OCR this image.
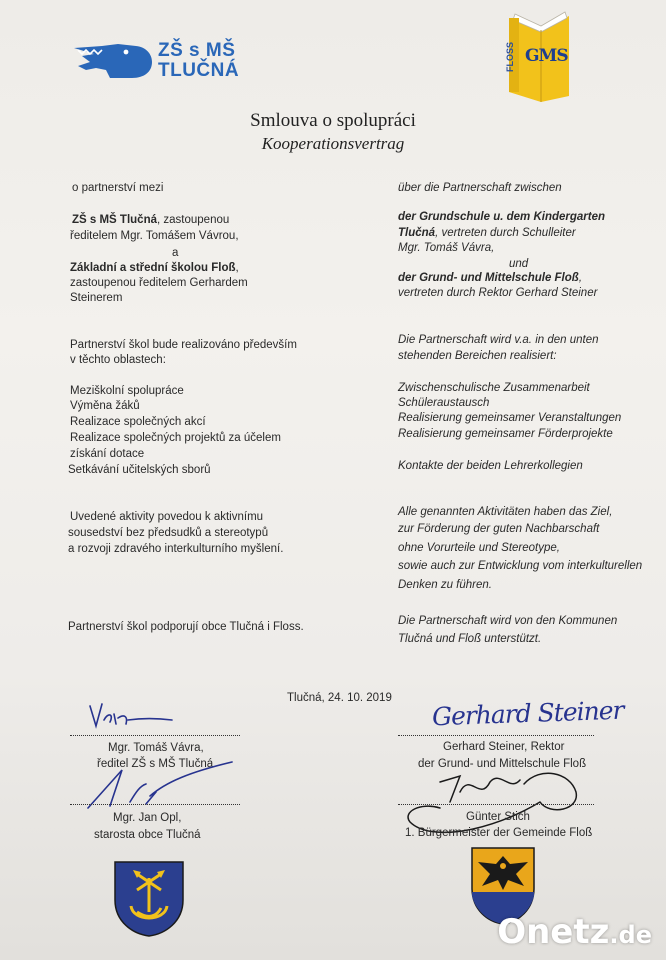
ZŠ s MŠ
TLUČNÁ	FLOSS GMS
Smlouva o spolupráci
Kooperationsvertrag
o partnerství mezi
ZŠ s MŠ Tlučná, zastoupenou
ředitelem Mgr. Tomášem Vávrou,
a
Základní a střední školou Floß,
zastoupenou ředitelem Gerhardem
Steinerem
Partnerství škol bude realizováno především
v těchto oblastech:
Meziškolní spolupráce
Výměna žáků
Realizace společných akcí
Realizace společných projektů za účelem
získání dotace
Setkávání učitelských sborů
Uvedené aktivity povedou k aktivnímu
sousedství bez předsudků a stereotypů
a rozvoji zdravého interkulturního myšlení.
Partnerství škol podporují obce Tlučná i Floss.
über die Partnerschaft zwischen
der Grundschule u. dem Kindergarten
Tlučná, vertreten durch Schulleiter
Mgr. Tomáš Vávra,
und
der Grund- und Mittelschule Floß,
vertreten durch Rektor Gerhard Steiner
Die Partnerschaft wird v.a. in den unten
stehenden Bereichen realisiert:
Zwischenschulische Zusammenarbeit
Schüleraustausch
Realisierung gemeinsamer Veranstaltungen
Realisierung gemeinsamer Förderprojekte
Kontakte der beiden Lehrerkollegien
Alle genannten Aktivitäten haben das Ziel,
zur Förderung der guten Nachbarschaft
ohne Vorurteile und Stereotype,
sowie auch zur Entwicklung vom interkulturellen
Denken zu führen.
Die Partnerschaft wird von den Kommunen
Tlučná und Floß unterstützt.
Tlučná, 24. 10. 2019
Mgr. Tomáš Vávra,
ředitel ZŠ s MŠ Tlučná
Mgr. Jan Opl,
starosta obce Tlučná
Gerhard Steiner
Gerhard Steiner, Rektor
der Grund- und Mittelschule Floß
Günter Stich
1. Bürgermeister der Gemeinde Floß
Onetz.de
